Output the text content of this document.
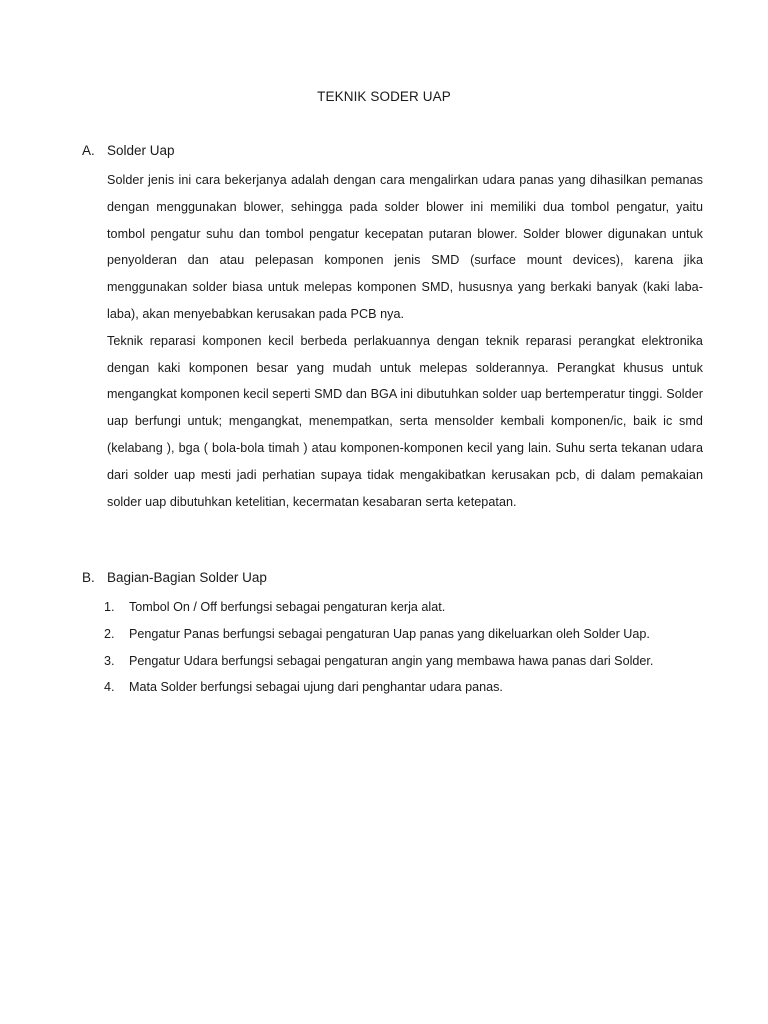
TEKNIK SODER UAP
A. Solder Uap

Solder jenis ini cara bekerjanya adalah dengan cara mengalirkan udara panas yang dihasilkan pemanas dengan menggunakan blower, sehingga pada solder blower ini memiliki dua tombol pengatur, yaitu tombol pengatur suhu dan tombol pengatur kecepatan putaran blower. Solder blower digunakan untuk penyolderan dan atau pelepasan komponen jenis SMD (surface mount devices), karena jika menggunakan solder biasa untuk melepas komponen SMD, hususnya yang berkaki banyak (kaki laba-laba), akan menyebabkan kerusakan pada PCB nya.

Teknik reparasi komponen kecil berbeda perlakuannya dengan teknik reparasi perangkat elektronika dengan kaki komponen besar yang mudah untuk melepas solderannya. Perangkat khusus untuk mengangkat komponen kecil seperti SMD dan BGA ini dibutuhkan solder uap bertemperatur tinggi. Solder uap berfungi untuk; mengangkat, menempatkan, serta mensolder kembali komponen/ic, baik ic smd (kelabang ), bga ( bola-bola timah ) atau komponen-komponen kecil yang lain. Suhu serta tekanan udara dari solder uap mesti jadi perhatian supaya tidak mengakibatkan kerusakan pcb, di dalam pemakaian solder uap dibutuhkan ketelitian, kecermatan kesabaran serta ketepatan.

B. Bagian-Bagian Solder Uap
1. Tombol On / Off berfungsi sebagai pengaturan kerja alat.
2. Pengatur Panas berfungsi sebagai pengaturan Uap panas yang dikeluarkan oleh Solder Uap.
3. Pengatur Udara berfungsi sebagai pengaturan angin yang membawa hawa panas dari Solder.
4. Mata Solder berfungsi sebagai ujung dari penghantar udara panas.
